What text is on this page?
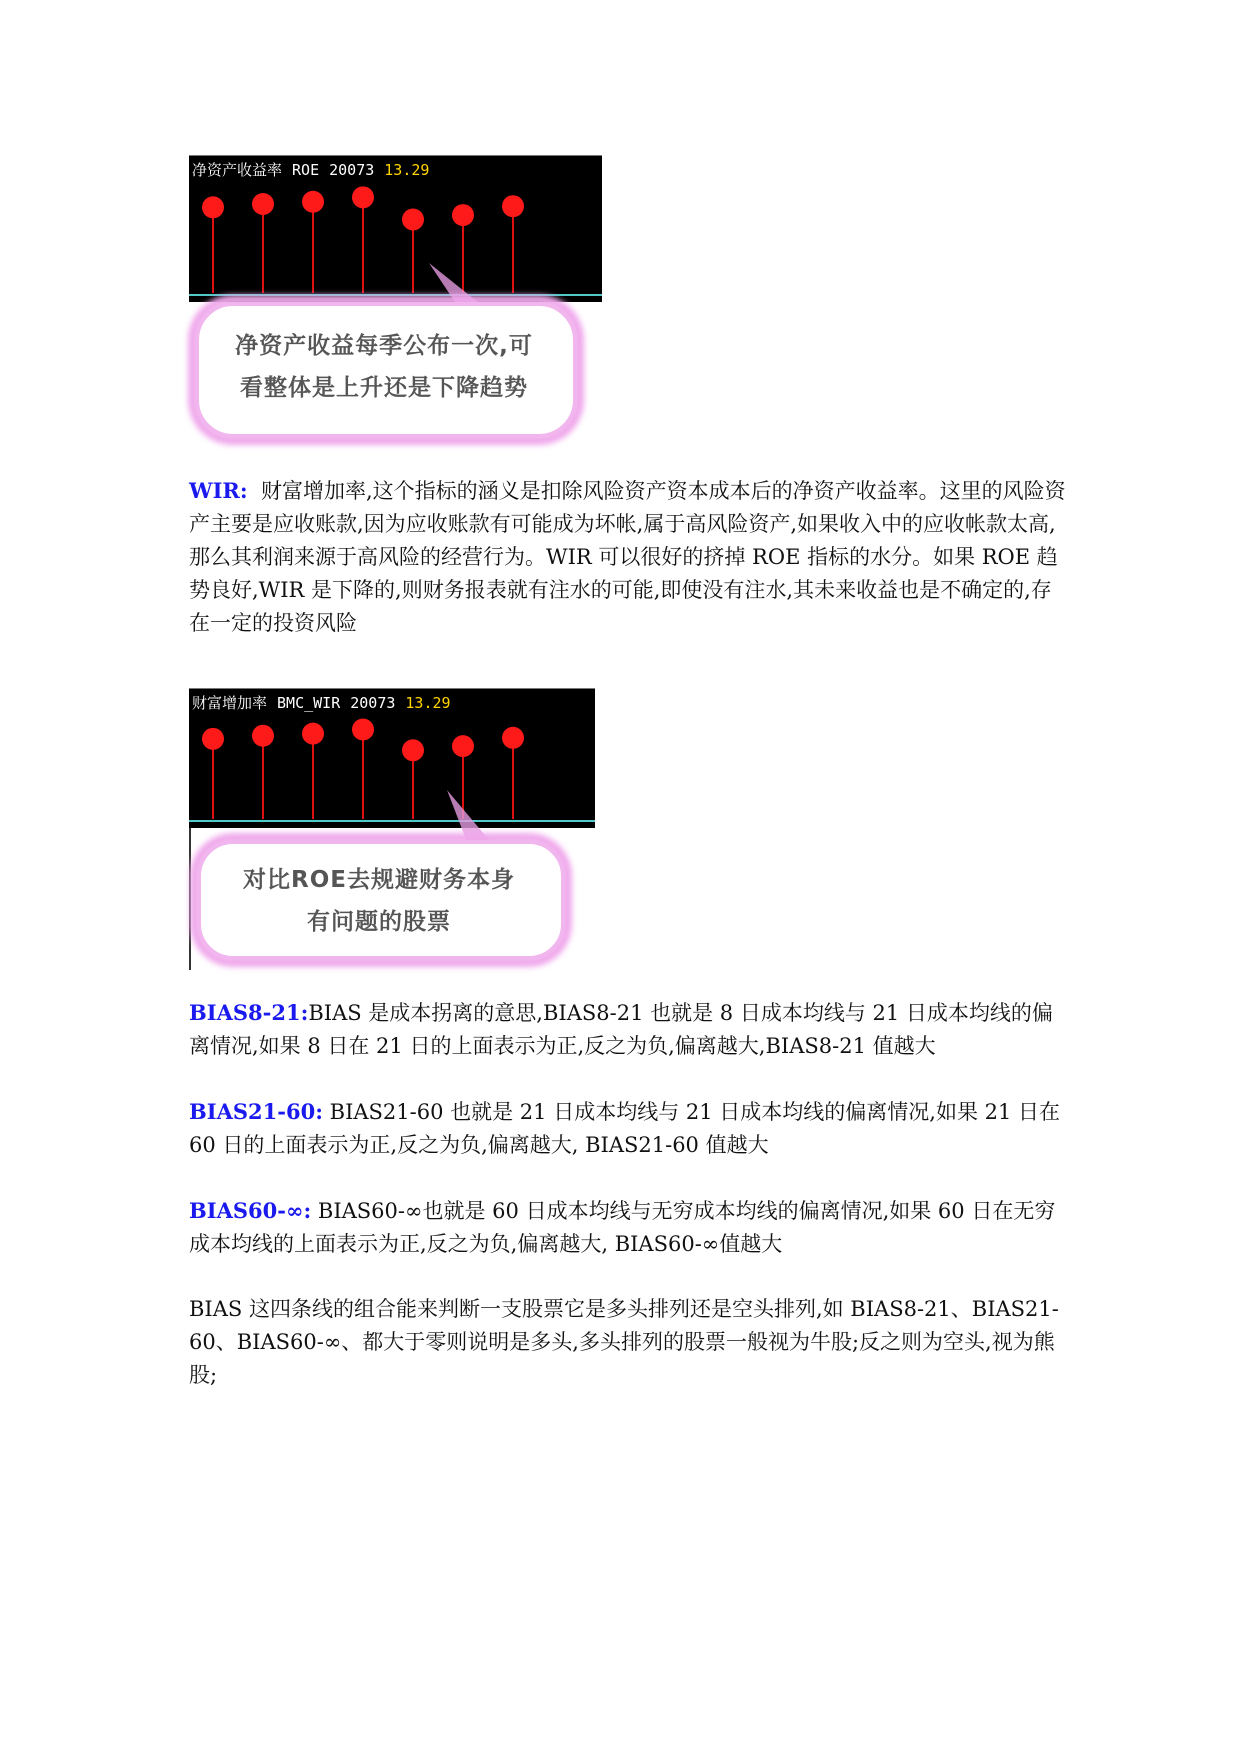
净资产收益率 ROE 20073 13.29
净资产收益每季公布一次,可
看整体是上升还是下降趋势
WIR: 财富增加率,这个指标的涵义是扣除风险资产资本成本后的净资产收益率。这里的风险资产主要是应收账款,因为应收账款有可能成为坏帐,属于高风险资产,如果收入中的应收帐款太高,那么其利润来源于高风险的经营行为。WIR 可以很好的挤掉 ROE 指标的水分。如果 ROE 趋势良好,WIR 是下降的,则财务报表就有注水的可能,即使没有注水,其未来收益也是不确定的,存在一定的投资风险
财富增加率 BMC_WIR 20073 13.29
对比ROE去规避财务本身
有问题的股票
BIAS8-21:BIAS 是成本拐离的意思,BIAS8-21 也就是 8 日成本均线与 21 日成本均线的偏离情况,如果 8 日在 21 日的上面表示为正,反之为负,偏离越大,BIAS8-21 值越大
BIAS21-60: BIAS21-60 也就是 21 日成本均线与 21 日成本均线的偏离情况,如果 21 日在 60 日的上面表示为正,反之为负,偏离越大, BIAS21-60 值越大
BIAS60-∞: BIAS60-∞也就是 60 日成本均线与无穷成本均线的偏离情况,如果 60 日在无穷成本均线的上面表示为正,反之为负,偏离越大, BIAS60-∞值越大
BIAS 这四条线的组合能来判断一支股票它是多头排列还是空头排列,如 BIAS8-21、BIAS21-60、BIAS60-∞、都大于零则说明是多头,多头排列的股票一般视为牛股;反之则为空头,视为熊股;
